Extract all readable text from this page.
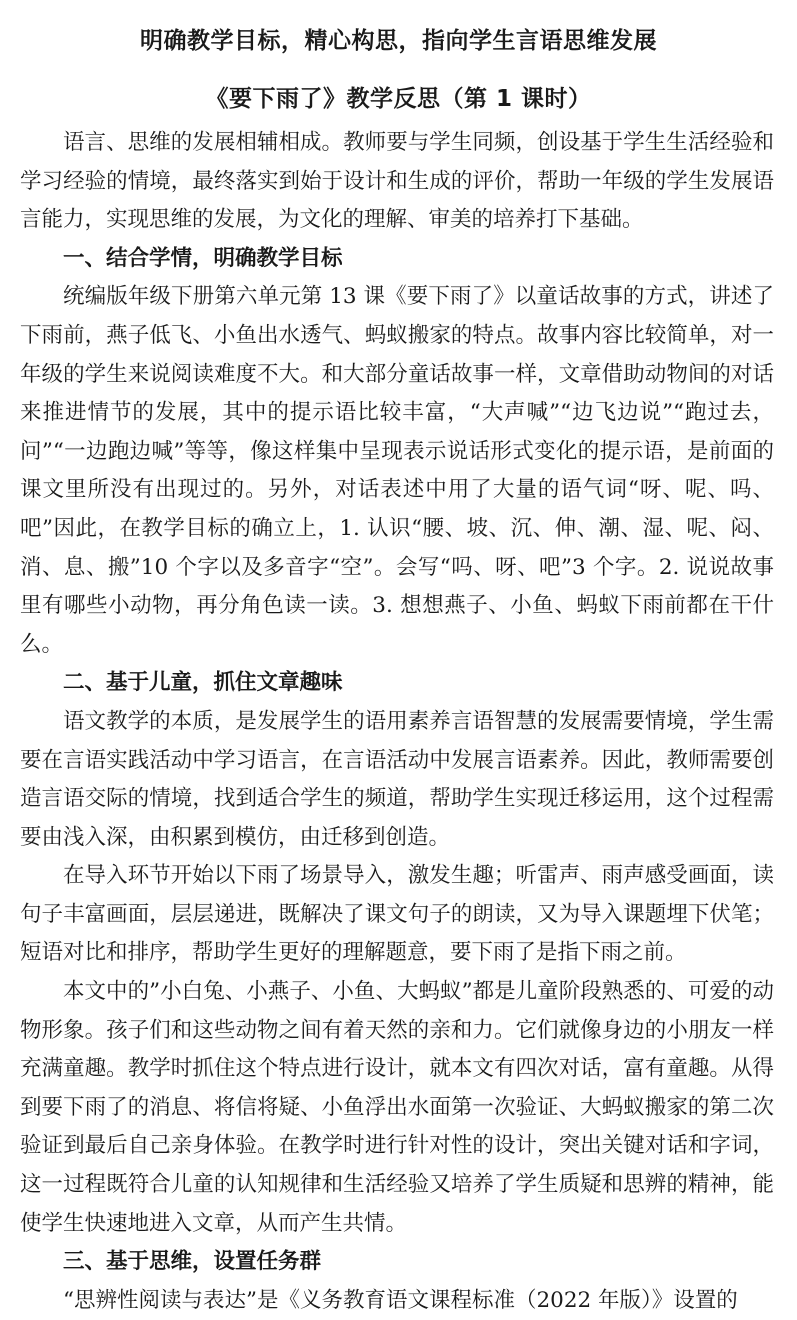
明确教学目标，精心构思，指向学生言语思维发展
《要下雨了》教学反思（第 1 课时）

语言、思维的发展相辅相成。教师要与学生同频，创设基于学生生活经验和学习经验的情境，最终落实到始于设计和生成的评价，帮助一年级的学生发展语言能力，实现思维的发展，为文化的理解、审美的培养打下基础。

一、结合学情，明确教学目标

统编版年级下册第六单元第 13 课《要下雨了》以童话故事的方式，讲述了下雨前，燕子低飞、小鱼出水透气、蚂蚁搬家的特点。故事内容比较简单，对一年级的学生来说阅读难度不大。和大部分童话故事一样，文章借助动物间的对话来推进情节的发展，其中的提示语比较丰富，“大声喊”“边飞边说”“跑过去，问”“一边跑边喊”等等，像这样集中呈现表示说话形式变化的提示语，是前面的课文里所没有出现过的。另外，对话表述中用了大量的语气词“呀、呢、吗、吧”因此，在教学目标的确立上，1. 认识“腰、坡、沉、伸、潮、湿、呢、闷、消、息、搬”10 个字以及多音字“空”。会写“吗、呀、吧”3 个字。2. 说说故事里有哪些小动物，再分角色读一读。3. 想想燕子、小鱼、蚂蚁下雨前都在干什么。

二、基于儿童，抓住文章趣味

语文教学的本质，是发展学生的语用素养言语智慧的发展需要情境，学生需要在言语实践活动中学习语言，在言语活动中发展言语素养。因此，教师需要创造言语交际的情境，找到适合学生的频道，帮助学生实现迁移运用，这个过程需要由浅入深，由积累到模仿，由迁移到创造。

在导入环节开始以下雨了场景导入，激发生趣；听雷声、雨声感受画面，读句子丰富画面，层层递进，既解决了课文句子的朗读，又为导入课题埋下伏笔；短语对比和排序，帮助学生更好的理解题意，要下雨了是指下雨之前。

本文中的”小白兔、小燕子、小鱼、大蚂蚁”都是儿童阶段熟悉的、可爱的动物形象。孩子们和这些动物之间有着天然的亲和力。它们就像身边的小朋友一样充满童趣。教学时抓住这个特点进行设计，就本文有四次对话，富有童趣。从得到要下雨了的消息、将信将疑、小鱼浮出水面第一次验证、大蚂蚁搬家的第二次验证到最后自己亲身体验。在教学时进行针对性的设计，突出关键对话和字词，这一过程既符合儿童的认知规律和生活经验又培养了学生质疑和思辨的精神，能使学生快速地进入文章，从而产生共情。

三、基于思维，设置任务群

“思辨性阅读与表达”是《义务教育语文课程标准（2022 年版）》设置的
